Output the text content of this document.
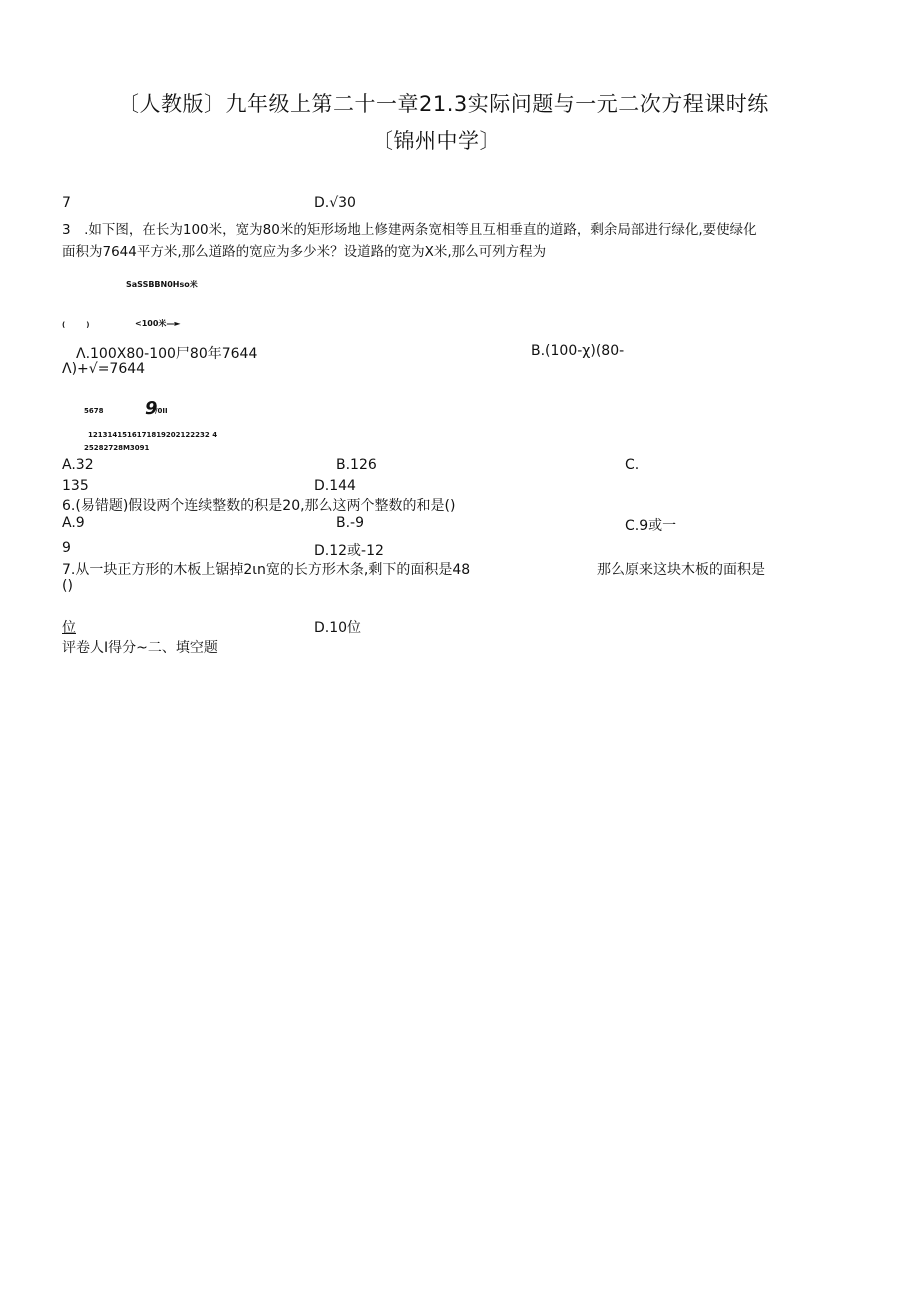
〔人教版〕九年级上第二十一章21.3实际问题与一元二次方程课时练
〔锦州中学〕
7	D.√30
3　.如下图，在长为100米，宽为80米的矩形场地上修建两条宽相等且互相垂直的道路，剩余局部进行绿化,要使绿化
面积为7644平方米,那么道路的宽应为多少米？设道路的宽为X米,那么可列方程为
SaSSBBN0Hso米
(　　　)	<100米—►
Λ.100X80-100尸80年7644	B.(100-χ)(80-
Λ)+√=7644
5678 9
/0II
1213141516171819202122232 4
25282728M3091
A.32	B.126	C.
135	D.144
6.(易错题)假设两个连续整数的积是20,那么这两个整数的和是()
A.9	B.-9	C.9或一
9	D.12或-12
7.从一块正方形的木板上锯掉2ιn宽的长方形木条,剩下的面积是48	那么原来这块木板的面积是
()
位	D.10位
评卷人I得分~二、填空题
